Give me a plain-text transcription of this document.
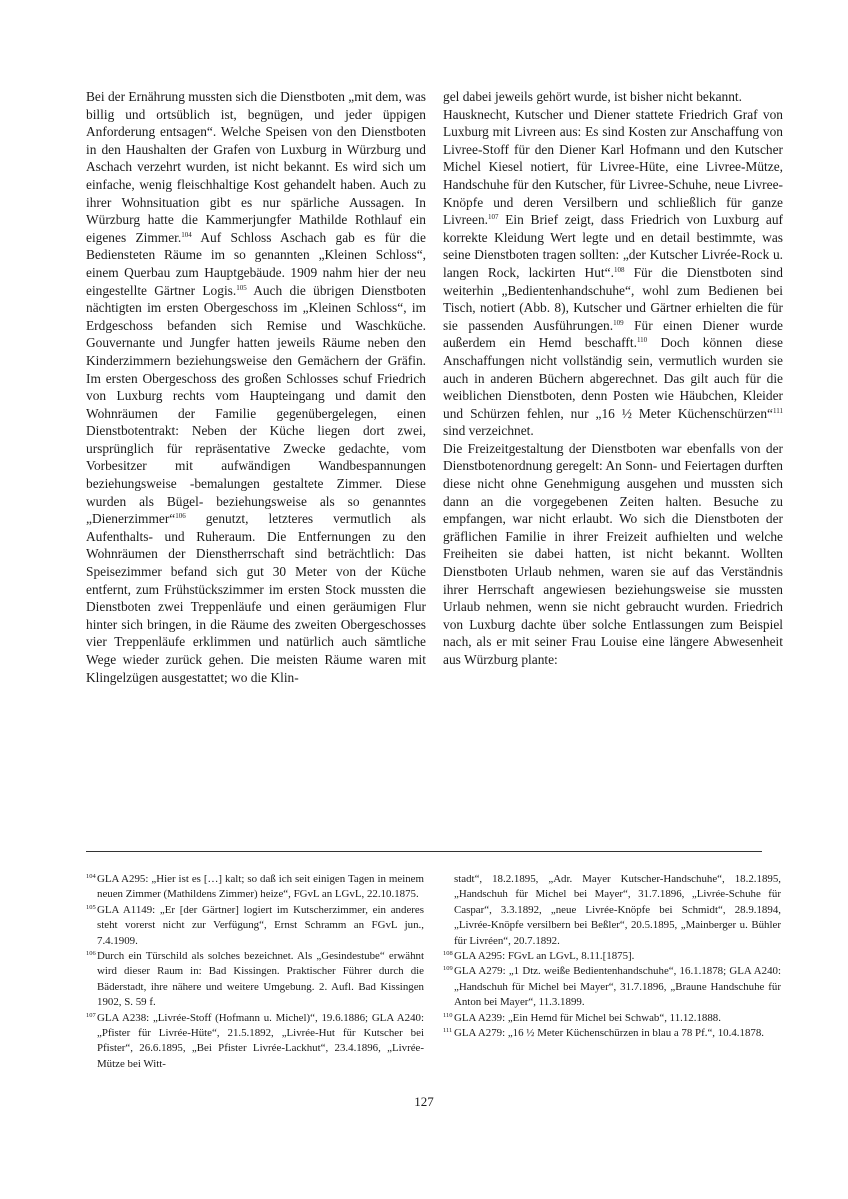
Bei der Ernährung mussten sich die Dienstboten „mit dem, was billig und ortsüblich ist, begnügen, und jeder üppigen Anforderung entsagen“. Welche Speisen von den Dienstboten in den Haushalten der Grafen von Luxburg in Würzburg und Aschach verzehrt wurden, ist nicht bekannt. Es wird sich um einfache, wenig fleischhaltige Kost gehandelt haben. Auch zu ihrer Wohnsituation gibt es nur spärliche Aussagen. In Würzburg hatte die Kammerjungfer Mathilde Rothlauf ein eigenes Zimmer.$^{104}$ Auf Schloss Aschach gab es für die Bediensteten Räume im so genannten „Kleinen Schloss“, einem Querbau zum Hauptgebäude. 1909 nahm hier der neu eingestellte Gärtner Logis.$^{105}$ Auch die übrigen Dienstboten nächtigten im ersten Obergeschoss im „Kleinen Schloss“, im Erdgeschoss befanden sich Remise und Waschküche. Gouvernante und Jungfer hatten jeweils Räume neben den Kinderzimmern beziehungsweise den Gemächern der Gräfin. Im ersten Obergeschoss des großen Schlosses schuf Friedrich von Luxburg rechts vom Haupteingang und damit den Wohnräumen der Familie gegenübergelegen, einen Dienstbotentrakt: Neben der Küche liegen dort zwei, ursprünglich für repräsentative Zwecke gedachte, vom Vorbesitzer mit aufwändigen Wandbespannungen beziehungsweise -bemalungen gestaltete Zimmer. Diese wurden als Bügel- beziehungsweise als so genanntes „Dienerzimmer“$^{106}$ genutzt, letzteres vermutlich als Aufenthalts- und Ruheraum. Die Entfernungen zu den Wohnräumen der Dienstherrschaft sind beträchtlich: Das Speisezimmer befand sich gut 30 Meter von der Küche entfernt, zum Frühstückszimmer im ersten Stock mussten die Dienstboten zwei Treppenläufe und einen geräumigen Flur hinter sich bringen, in die Räume des zweiten Obergeschosses vier Treppenläufe erklimmen und natürlich auch sämtliche Wege wieder zurück gehen. Die meisten Räume waren mit Klingelzügen ausgestattet; wo die Klin-

gel dabei jeweils gehört wurde, ist bisher nicht bekannt.

Hausknecht, Kutscher und Diener stattete Friedrich Graf von Luxburg mit Livreen aus: Es sind Kosten zur Anschaffung von Livree-Stoff für den Diener Karl Hofmann und den Kutscher Michel Kiesel notiert, für Livree-Hüte, eine Livree-Mütze, Handschuhe für den Kutscher, für Livree-Schuhe, neue Livree-Knöpfe und deren Versilbern und schließlich für ganze Livreen.$^{107}$ Ein Brief zeigt, dass Friedrich von Luxburg auf korrekte Kleidung Wert legte und en detail bestimmte, was seine Dienstboten tragen sollten: „der Kutscher Livrée-Rock u. langen Rock, lackirten Hut“.$^{108}$ Für die Dienstboten sind weiterhin „Bedientenhandschuhe“, wohl zum Bedienen bei Tisch, notiert (Abb. 8), Kutscher und Gärtner erhielten die für sie passenden Ausführungen.$^{109}$ Für einen Diener wurde außerdem ein Hemd beschafft.$^{110}$ Doch können diese Anschaffungen nicht vollständig sein, vermutlich wurden sie auch in anderen Büchern abgerechnet. Das gilt auch für die weiblichen Dienstboten, denn Posten wie Häubchen, Kleider und Schürzen fehlen, nur „16 ½ Meter Küchenschürzen“$^{111}$ sind verzeichnet.

Die Freizeitgestaltung der Dienstboten war ebenfalls von der Dienstbotenordnung geregelt: An Sonn- und Feiertagen durften diese nicht ohne Genehmigung ausgehen und mussten sich dann an die vorgegebenen Zeiten halten. Besuche zu empfangen, war nicht erlaubt. Wo sich die Dienstboten der gräflichen Familie in ihrer Freizeit aufhielten und welche Freiheiten sie dabei hatten, ist nicht bekannt. Wollten Dienstboten Urlaub nehmen, waren sie auf das Verständnis ihrer Herrschaft angewiesen beziehungsweise sie mussten Urlaub nehmen, wenn sie nicht gebraucht wurden. Friedrich von Luxburg dachte über solche Entlassungen zum Beispiel nach, als er mit seiner Frau Louise eine längere Abwesenheit aus Würzburg plante:

104GLA A295: „Hier ist es […] kalt; so daß ich seit einigen Tagen in meinem neuen Zimmer (Mathildens Zimmer) heize“, FGvL an LGvL, 22.10.1875.

105GLA A1149: „Er [der Gärtner] logiert im Kutscherzimmer, ein anderes steht vorerst nicht zur Verfügung“, Ernst Schramm an FGvL jun., 7.4.1909.

106Durch ein Türschild als solches bezeichnet. Als „Gesindestube“ erwähnt wird dieser Raum in: Bad Kissingen. Praktischer Führer durch die Bäderstadt, ihre nähere und weitere Umgebung. 2. Aufl. Bad Kissingen 1902, S. 59 f.

107GLA A238: „Livrée-Stoff (Hofmann u. Michel)“, 19.6.1886; GLA A240: „Pfister für Livrée-Hüte“, 21.5.1892, „Livrée-Hut für Kutscher bei Pfister“, 26.6.1895, „Bei Pfister Livrée-Lackhut“, 23.4.1896, „Livrée-Mütze bei Witt-

stadt“, 18.2.1895, „Adr. Mayer Kutscher-Handschuhe“, 18.2.1895, „Handschuh für Michel bei Mayer“, 31.7.1896, „Livrée-Schuhe für Caspar“, 3.3.1892, „neue Livrée-Knöpfe bei Schmidt“, 28.9.1894, „Livrée-Knöpfe versilbern bei Beßler“, 20.5.1895, „Mainberger u. Bühler für Livréen“, 20.7.1892.

108GLA A295: FGvL an LGvL, 8.11.[1875].

109GLA A279: „1 Dtz. weiße Bedientenhandschuhe“, 16.1.1878; GLA A240: „Handschuh für Michel bei Mayer“, 31.7.1896, „Braune Handschuhe für Anton bei Mayer“, 11.3.1899.

110GLA A239: „Ein Hemd für Michel bei Schwab“, 11.12.1888.

111 GLA A279: „16 ½ Meter Küchenschürzen in blau a 78 Pf.“, 10.4.1878.

127
